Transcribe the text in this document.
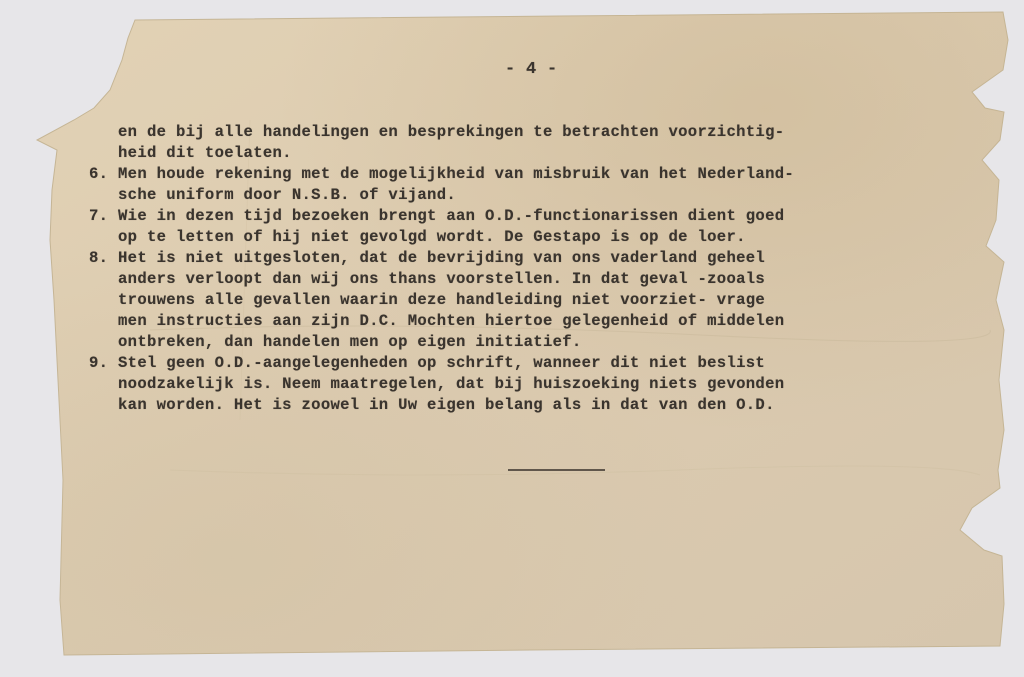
- 4 -

en de bij alle handelingen en besprekingen te betrachten voorzichtig-

heid dit toelaten.

6. Men houde rekening met de mogelijkheid van misbruik van het Nederland-

sche uniform door N.S.B. of vijand.

7. Wie in dezen tijd bezoeken brengt aan O.D.-functionarissen dient goed

op te letten of hij niet gevolgd wordt. De Gestapo is op de loer.

8. Het is niet uitgesloten, dat de bevrijding van ons vaderland geheel

anders verloopt dan wij ons thans voorstellen. In dat geval -zooals

trouwens alle gevallen waarin deze handleiding niet voorziet- vrage

men instructies aan zijn D.C. Mochten hiertoe gelegenheid of middelen

ontbreken, dan handelen men op eigen initiatief.

9. Stel geen O.D.-aangelegenheden op schrift, wanneer dit niet beslist

noodzakelijk is. Neem maatregelen, dat bij huiszoeking niets gevonden

kan worden. Het is zoowel in Uw eigen belang als in dat van den O.D.
